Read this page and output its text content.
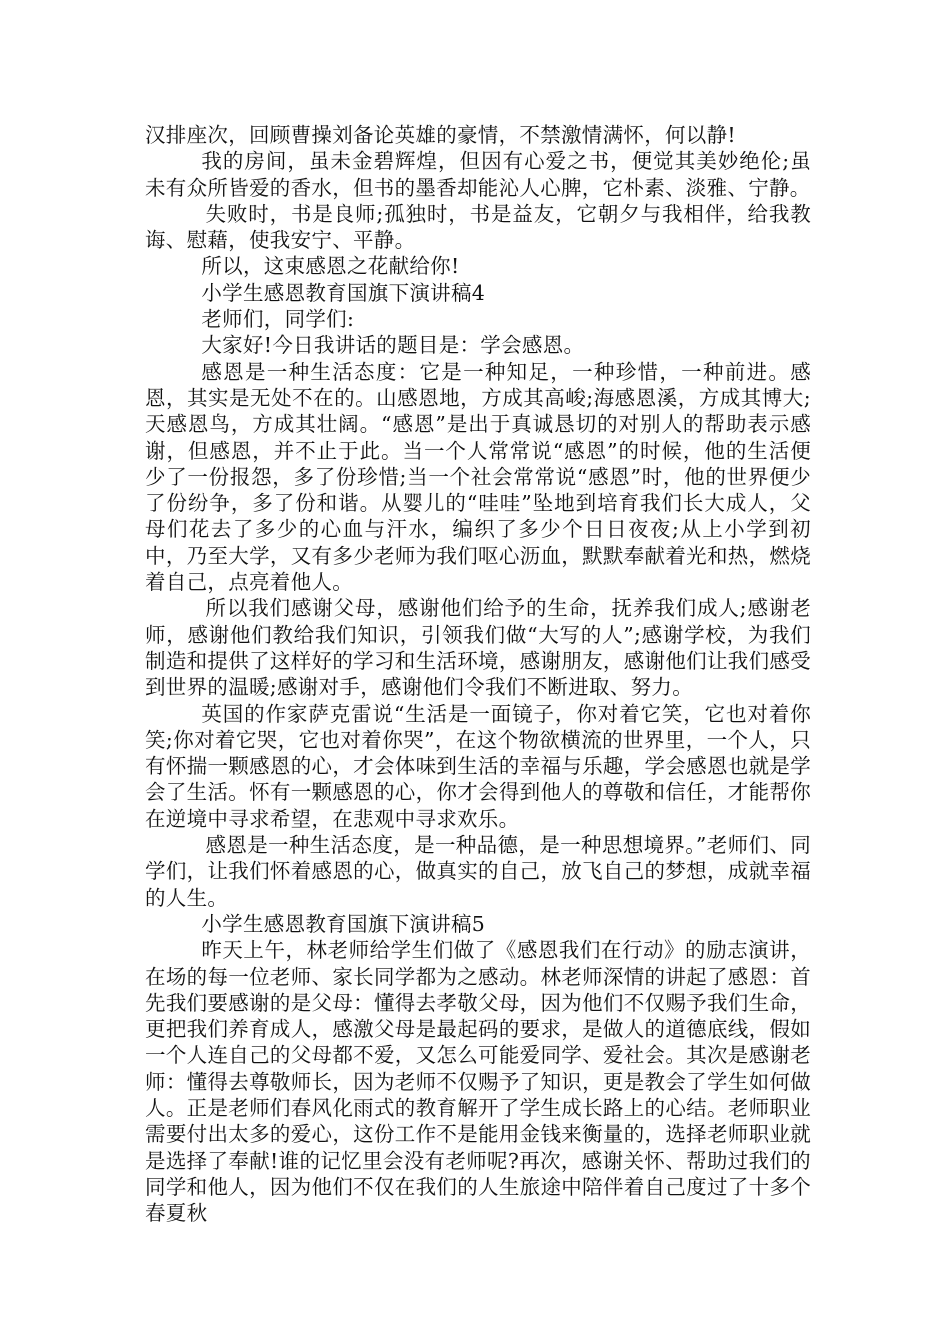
汉排座次，回顾曹操刘备论英雄的豪情，不禁激情满怀，何以静!

我的房间，虽未金碧辉煌，但因有心爱之书，便觉其美妙绝伦;虽未有众所皆爱的香水，但书的墨香却能沁人心脾，它朴素、淡雅、宁静。

失败时，书是良师;孤独时，书是益友，它朝夕与我相伴，给我教诲、慰藉，使我安宁、平静。

所以，这束感恩之花献给你!

小学生感恩教育国旗下演讲稿4

老师们，同学们:

大家好!今日我讲话的题目是：学会感恩。

感恩是一种生活态度：它是一种知足，一种珍惜，一种前进。感恩，其实是无处不在的。山感恩地，方成其高峻;海感恩溪，方成其博大;天感恩鸟，方成其壮阔。“感恩”是出于真诚恳切的对别人的帮助表示感谢，但感恩，并不止于此。当一个人常常说“感恩”的时候，他的生活便少了一份报怨，多了份珍惜;当一个社会常常说“感恩”时，他的世界便少了份纷争，多了份和谐。从婴儿的“哇哇”坠地到培育我们长大成人，父母们花去了多少的心血与汗水，编织了多少个日日夜夜;从上小学到初中，乃至大学，又有多少老师为我们呕心沥血，默默奉献着光和热，燃烧着自己，点亮着他人。

所以我们感谢父母，感谢他们给予的生命，抚养我们成人;感谢老师，感谢他们教给我们知识，引领我们做“大写的人”;感谢学校，为我们制造和提供了这样好的学习和生活环境，感谢朋友，感谢他们让我们感受到世界的温暖;感谢对手，感谢他们令我们不断进取、努力。

英国的作家萨克雷说“生活是一面镜子，你对着它笑，它也对着你笑;你对着它哭，它也对着你哭”，在这个物欲横流的世界里，一个人，只有怀揣一颗感恩的心，才会体味到生活的幸福与乐趣，学会感恩也就是学会了生活。怀有一颗感恩的心，你才会得到他人的尊敬和信任，才能帮你在逆境中寻求希望，在悲观中寻求欢乐。

感恩是一种生活态度，是一种品德，是一种思想境界。”老师们、同学们，让我们怀着感恩的心，做真实的自己，放飞自己的梦想，成就幸福的人生。

小学生感恩教育国旗下演讲稿5

昨天上午，林老师给学生们做了《感恩我们在行动》的励志演讲，在场的每一位老师、家长同学都为之感动。林老师深情的讲起了感恩：首先我们要感谢的是父母：懂得去孝敬父母，因为他们不仅赐予我们生命，更把我们养育成人，感激父母是最起码的要求，是做人的道德底线，假如一个人连自己的父母都不爱，又怎么可能爱同学、爱社会。其次是感谢老师：懂得去尊敬师长，因为老师不仅赐予了知识，更是教会了学生如何做人。正是老师们春风化雨式的教育解开了学生成长路上的心结。老师职业需要付出太多的爱心，这份工作不是能用金钱来衡量的，选择老师职业就是选择了奉献!谁的记忆里会没有老师呢?再次，感谢关怀、帮助过我们的同学和他人，因为他们不仅在我们的人生旅途中陪伴着自己度过了十多个春夏秋
